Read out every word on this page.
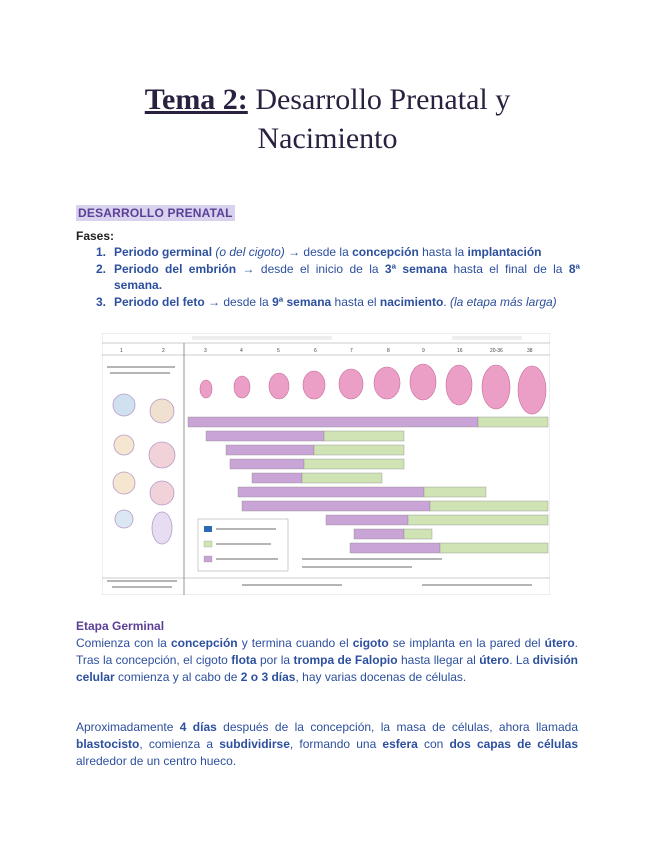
Tema 2: Desarrollo Prenatal y
Nacimiento
DESARROLLO PRENATAL
Fases:
1. Periodo germinal (o del cigoto) → desde la concepción hasta la implantación
2. Periodo del embrión → desde el inicio de la 3ª semana hasta el final de la 8ª semana.
3. Periodo del feto → desde la 9ª semana hasta el nacimiento. (la etapa más larga)
1	2	3	4	5	6	7	8	9	16	20-36	38
Etapa Germinal

Comienza con la concepción y termina cuando el cigoto se implanta en la pared del útero. Tras la concepción, el cigoto flota por la trompa de Falopio hasta llegar al útero. La división celular comienza y al cabo de 2 o 3 días, hay varias docenas de células.

Aproximadamente 4 días después de la concepción, la masa de células, ahora llamada blastocisto, comienza a subdividirse, formando una esfera con dos capas de células alrededor de un centro hueco.
